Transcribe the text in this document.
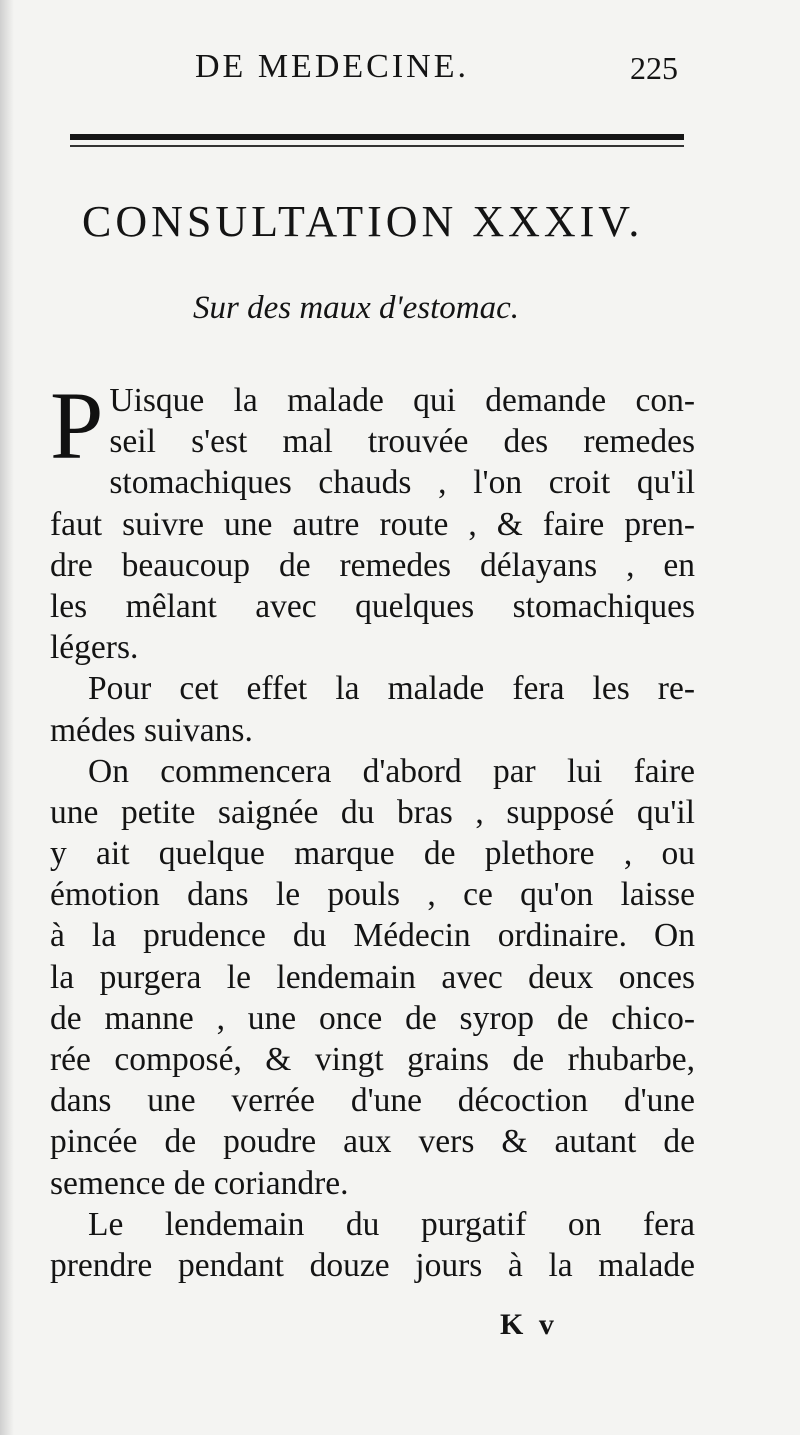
DE MEDECINE.	225
CONSULTATION XXXIV.
Sur des maux d'estomac.
P Uisque la malade qui demande con-
seil s'est mal trouvée des remedes
stomachiques chauds , l'on croit qu'il
faut suivre une autre route , & faire pren-
dre beaucoup de remedes délayans , en
les mêlant avec quelques stomachiques
légers.
Pour cet effet la malade fera les re-
médes suivans.
On commencera d'abord par lui faire
une petite saignée du bras , supposé qu'il
y ait quelque marque de plethore , ou
émotion dans le pouls , ce qu'on laisse
à la prudence du Médecin ordinaire. On
la purgera le lendemain avec deux onces
de manne , une once de syrop de chico-
rée composé, & vingt grains de rhubarbe,
dans une verrée d'une décoction d'une
pincée de poudre aux vers & autant de
semence de coriandre.
Le lendemain du purgatif on fera
prendre pendant douze jours à la malade
K v
